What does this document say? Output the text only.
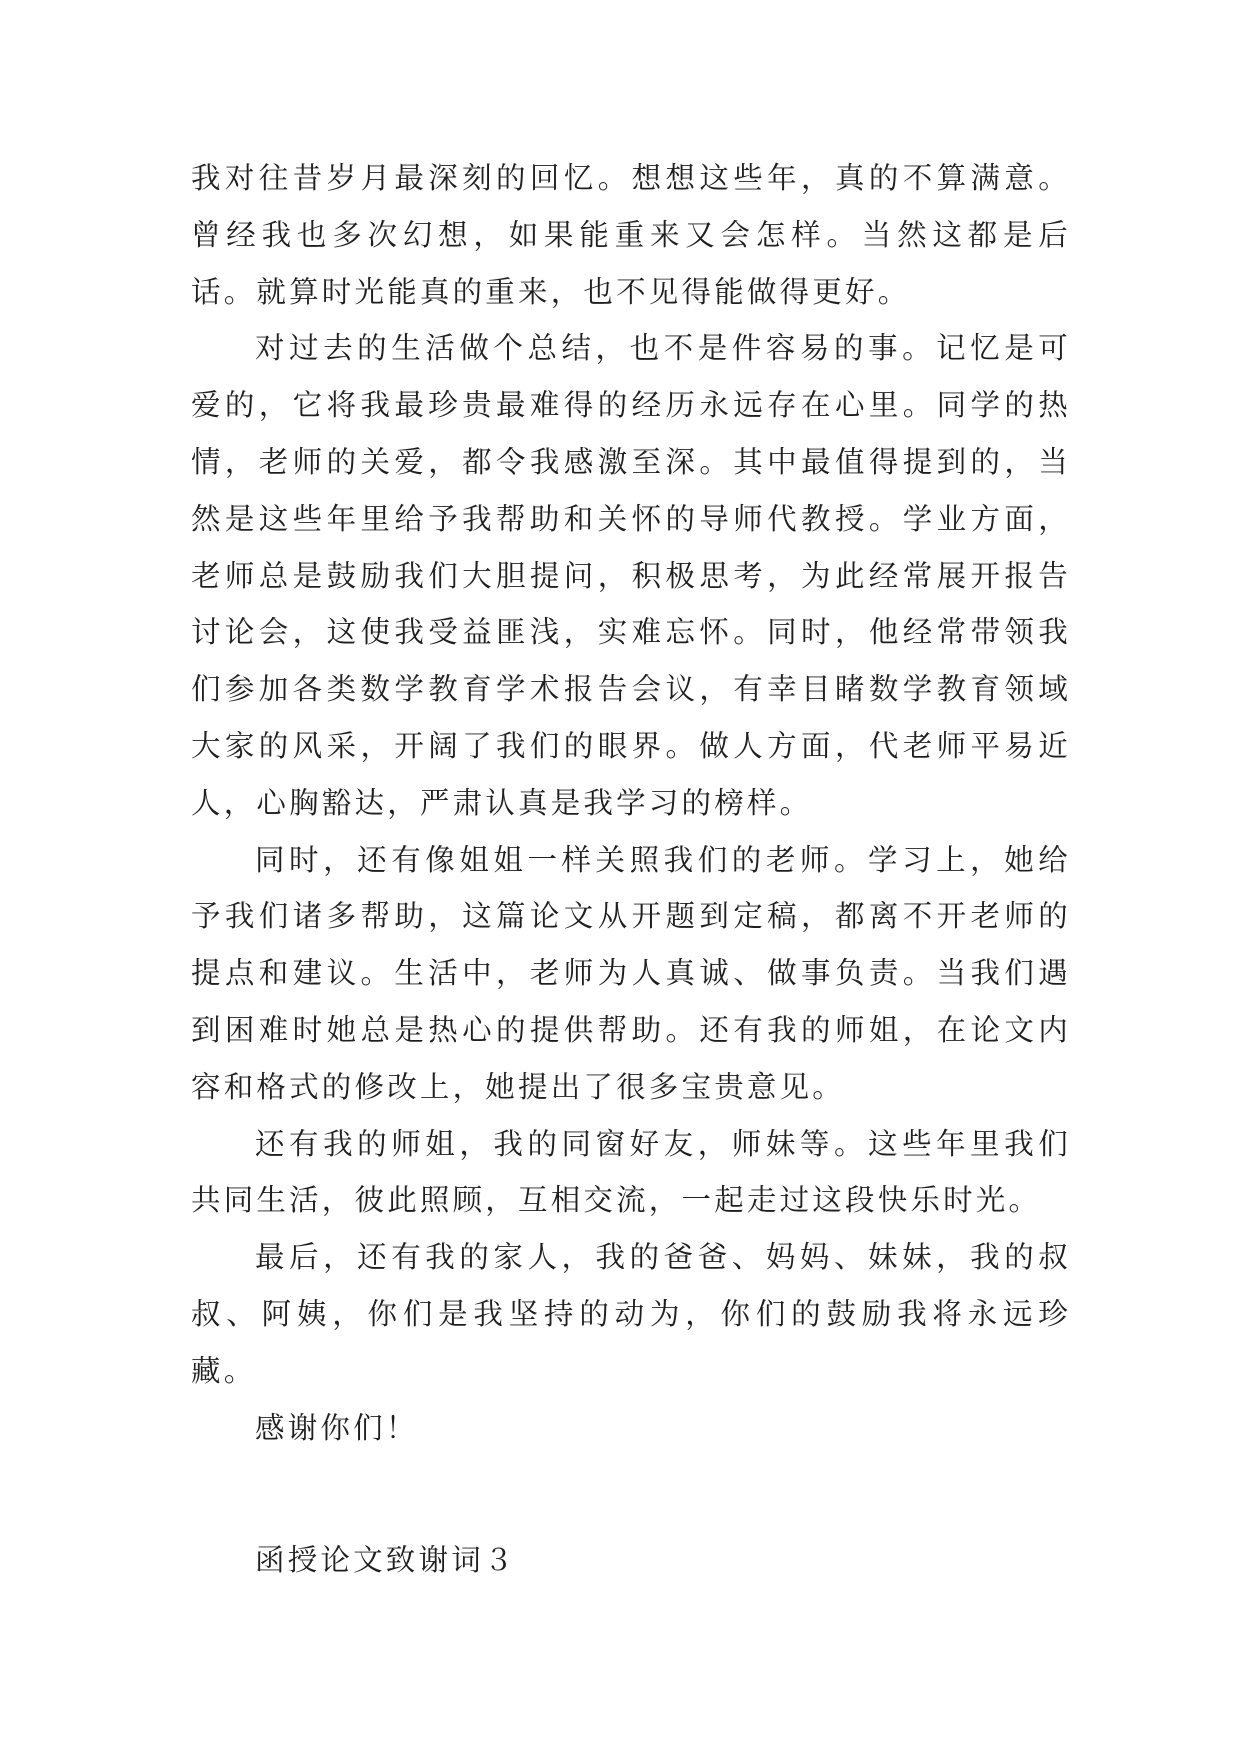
我对往昔岁月最深刻的回忆。想想这些年，真的不算满意。曾经我也多次幻想，如果能重来又会怎样。当然这都是后话。就算时光能真的重来，也不见得能做得更好。

对过去的生活做个总结，也不是件容易的事。记忆是可爱的，它将我最珍贵最难得的经历永远存在心里。同学的热情，老师的关爱，都令我感激至深。其中最值得提到的，当然是这些年里给予我帮助和关怀的导师代教授。学业方面，老师总是鼓励我们大胆提问，积极思考，为此经常展开报告讨论会，这使我受益匪浅，实难忘怀。同时，他经常带领我们参加各类数学教育学术报告会议，有幸目睹数学教育领域大家的风采，开阔了我们的眼界。做人方面，代老师平易近人，心胸豁达，严肃认真是我学习的榜样。

同时，还有像姐姐一样关照我们的老师。学习上，她给予我们诸多帮助，这篇论文从开题到定稿，都离不开老师的提点和建议。生活中，老师为人真诚、做事负责。当我们遇到困难时她总是热心的提供帮助。还有我的师姐，在论文内容和格式的修改上，她提出了很多宝贵意见。

还有我的师姐，我的同窗好友，师妹等。这些年里我们共同生活，彼此照顾，互相交流，一起走过这段快乐时光。

最后，还有我的家人，我的爸爸、妈妈、妹妹，我的叔叔、阿姨，你们是我坚持的动为，你们的鼓励我将永远珍藏。

感谢你们！

函授论文致谢词３
